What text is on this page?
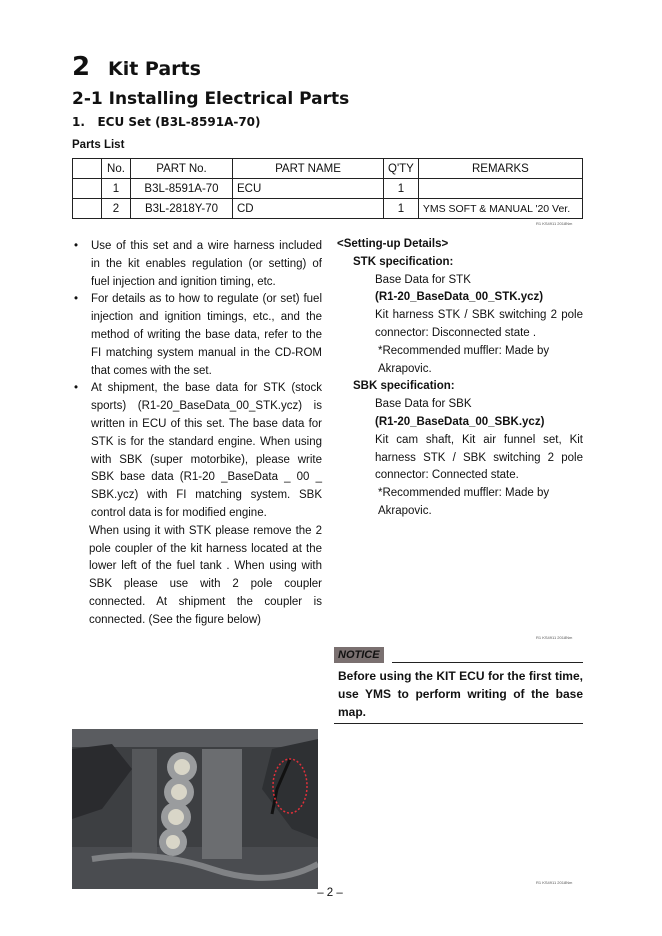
2 Kit Parts
2-1 Installing Electrical Parts
1.   ECU Set (B3L-8591A-70)
Parts List
	No.	PART No.	PART NAME	Q'TY	REMARKS
	1	B3L-8591A-70	ECU	1	
	2	B3L-2818Y-70	CD	1	YMS SOFT & MANUAL '20 Ver.
R1 KS4911 2018Nm
• Use of this set and a wire harness included in the kit enables regulation (or setting) of fuel injection and ignition timing, etc.
• For details as to how to regulate (or set) fuel injection and ignition timings, etc., and the method of writing the base data, refer to the FI matching system manual in the CD-ROM that comes with the set.
• At shipment, the base data for STK (stock sports) (R1-20_BaseData_00_STK.ycz) is written in ECU of this set. The base data for STK is for the standard engine. When using with SBK (super motorbike), please write SBK base data (R1-20 _BaseData _ 00 _ SBK.ycz) with FI matching system. SBK control data is for modified engine.
When using it with STK please remove the 2 pole coupler of the kit harness located at the lower left of the fuel tank . When using with SBK please use with 2 pole coupler connected. At shipment the coupler is connected. (See the figure below)
<Setting-up Details>
STK specification:
Base Data for STK
(R1-20_BaseData_00_STK.ycz)
Kit harness STK / SBK switching 2 pole connector: Disconnected state .
*Recommended muffler: Made by Akrapovic.
SBK specification:
Base Data for SBK
(R1-20_BaseData_00_SBK.ycz)
Kit cam shaft, Kit air funnel set, Kit harness STK / SBK switching 2 pole connector: Connected state.
*Recommended muffler: Made by Akrapovic.
R1 KS4911 2018Nm
NOTICE
Before using the KIT ECU for the first time, use YMS to perform writing of the base map.
– 2 –
R1 KS4911 2018Nm
